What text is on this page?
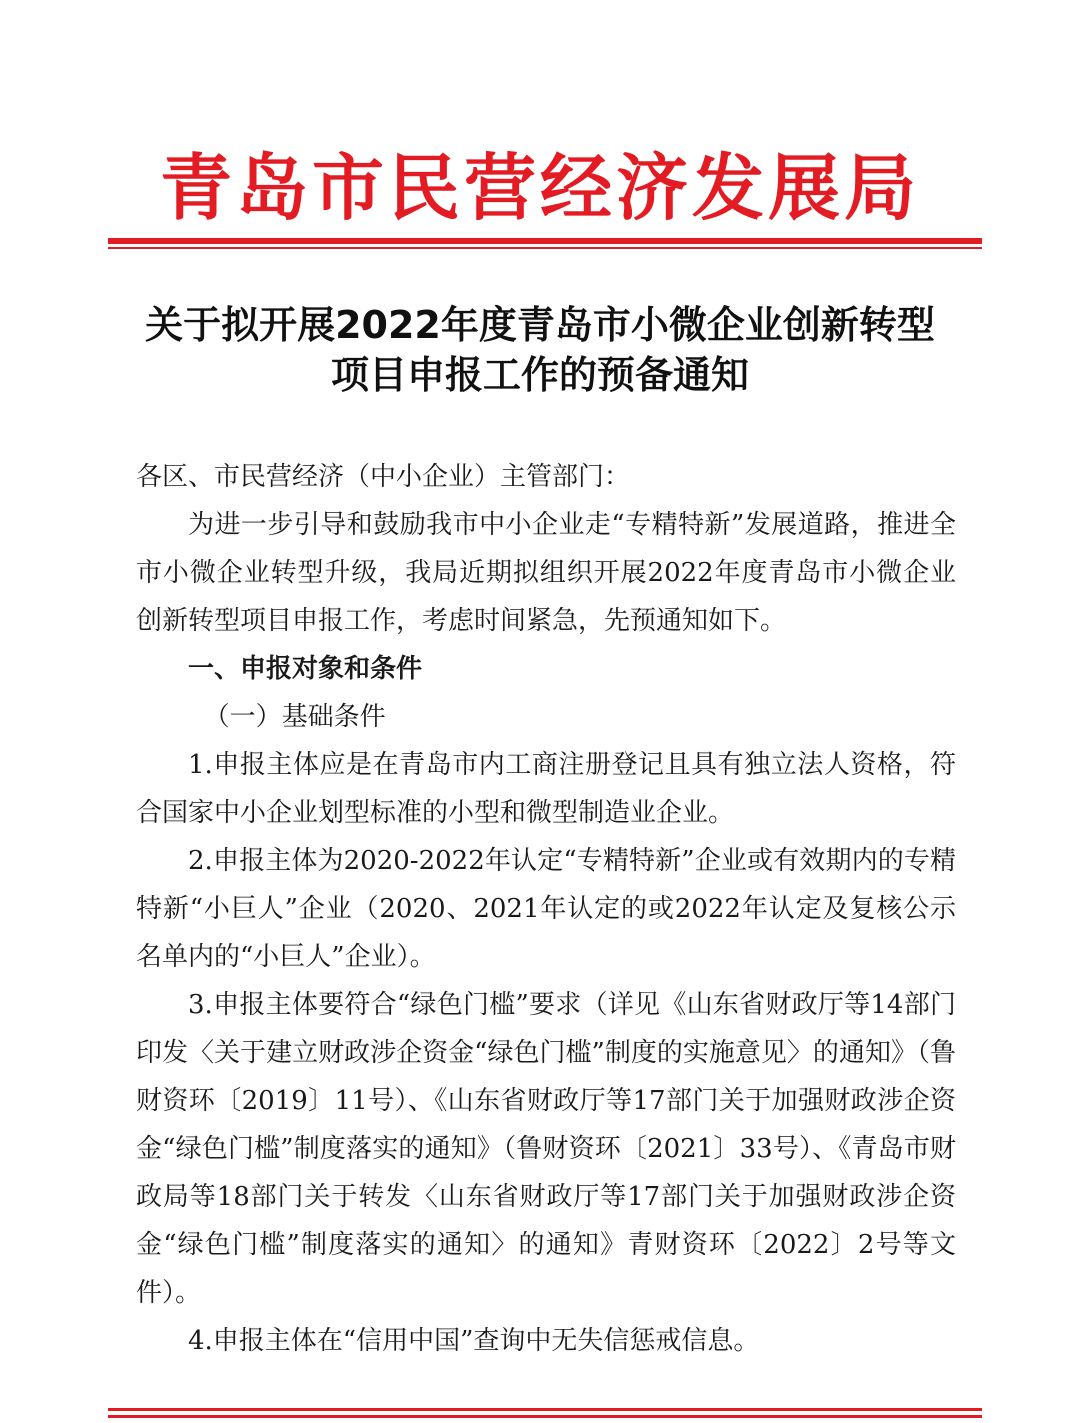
青岛市民营经济发展局
关于拟开展2022年度青岛市小微企业创新转型
项目申报工作的预备通知

各区、市民营经济（中小企业）主管部门：

为进一步引导和鼓励我市中小企业走“专精特新”发展道路，推进全市小微企业转型升级，我局近期拟组织开展2022年度青岛市小微企业创新转型项目申报工作，考虑时间紧急，先预通知如下。

一、申报对象和条件

（一）基础条件

1.申报主体应是在青岛市内工商注册登记且具有独立法人资格，符合国家中小企业划型标准的小型和微型制造业企业。

2.申报主体为2020-2022年认定“专精特新”企业或有效期内的专精特新“小巨人”企业（2020、2021年认定的或2022年认定及复核公示名单内的“小巨人”企业）。

3.申报主体要符合“绿色门槛”要求（详见《山东省财政厅等14部门印发〈关于建立财政涉企资金“绿色门槛”制度的实施意见〉的通知》（鲁财资环〔2019〕11号）、《山东省财政厅等17部门关于加强财政涉企资金“绿色门槛”制度落实的通知》（鲁财资环〔2021〕33号）、《青岛市财政局等18部门关于转发〈山东省财政厅等17部门关于加强财政涉企资金“绿色门槛”制度落实的通知〉的通知》青财资环〔2022〕2号等文件）。

4.申报主体在“信用中国”查询中无失信惩戒信息。
